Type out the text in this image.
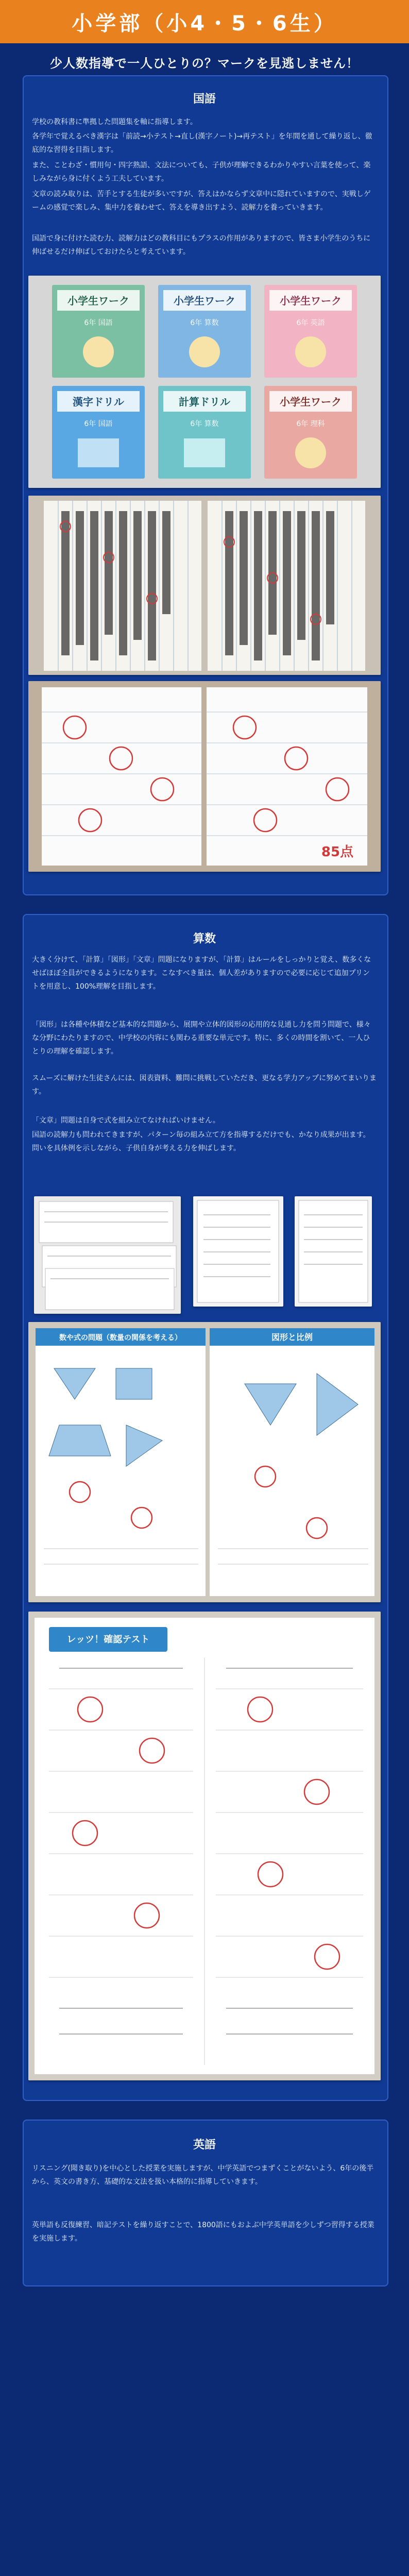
小学部（小4・5・6生）
少人数指導で一人ひとりの？マークを見逃しません！
国語
学校の教科書に準拠した問題集を軸に指導します。
各学年で覚えるべき漢字は「前読→小テスト→直し(漢字ノート)→再テスト」を年間を通して繰り返し、徹底的な習得を目指します。
また、ことわざ・慣用句・四字熟語、文法についても、子供が理解できるわかりやすい言葉を使って、楽しみながら身に付くよう工夫しています。
文章の読み取りは、苦手とする生徒が多いですが、答えはかならず文章中に隠れていますので、実戦しゲームの感覚で楽しみ、集中力を養わせて、答えを導き出すよう、読解力を養っていきます。
国語で身に付けた読む力、読解力はどの教科目にもプラスの作用がありますので、皆さま小学生のうちに伸ばせるだけ伸ばしておけたらと考えています。
小学生ワーク
6年 国語
小学生ワーク
6年 算数
小学生ワーク
6年 英語
漢字ドリル
6年 国語
計算ドリル
6年 算数
小学生ワーク
6年 理科
85点
算数
大きく分けて、「計算」「図形」「文章」問題になりますが、「計算」はルールをしっかりと覚え、数多くなせばほぼ全員ができるようになります。こなすべき量は、個人差がありますので必要に応じて追加プリントを用意し、100%理解を目指します。
「図形」は各種や体積など基本的な問題から、展開や立体的図形の応用的な見通し力を問う問題で、様々な分野にわたりますので、中学校の内容にも関わる重要な単元です。特に、多くの時間を割いて、一人ひとりの理解を確認します。
スムーズに解けた生徒さんには、図表資料、難問に挑戦していただき、更なる学力アップに努めてまいります。
「文章」問題は自身で式を組み立てなければいけません。
国語の読解力も問われてきますが、パターン毎の組み立て方を指導するだけでも、かなり成果が出ます。問いを具体例を示しながら、子供自身が考える力を伸ばします。
数や式の問題（数量の関係を考える）	図形と比例
レッツ！確認テスト
英語
リスニング(聞き取り)を中心とした授業を実施しますが、中学英語でつまずくことがないよう、6年の後半から、英文の書き方、基礎的な文法を扱い本格的に指導していきます。
英単語も反復練習、暗記テストを繰り返すことで、1800語にもおよぶ中学英単語を少しずつ習得する授業を実施します。
